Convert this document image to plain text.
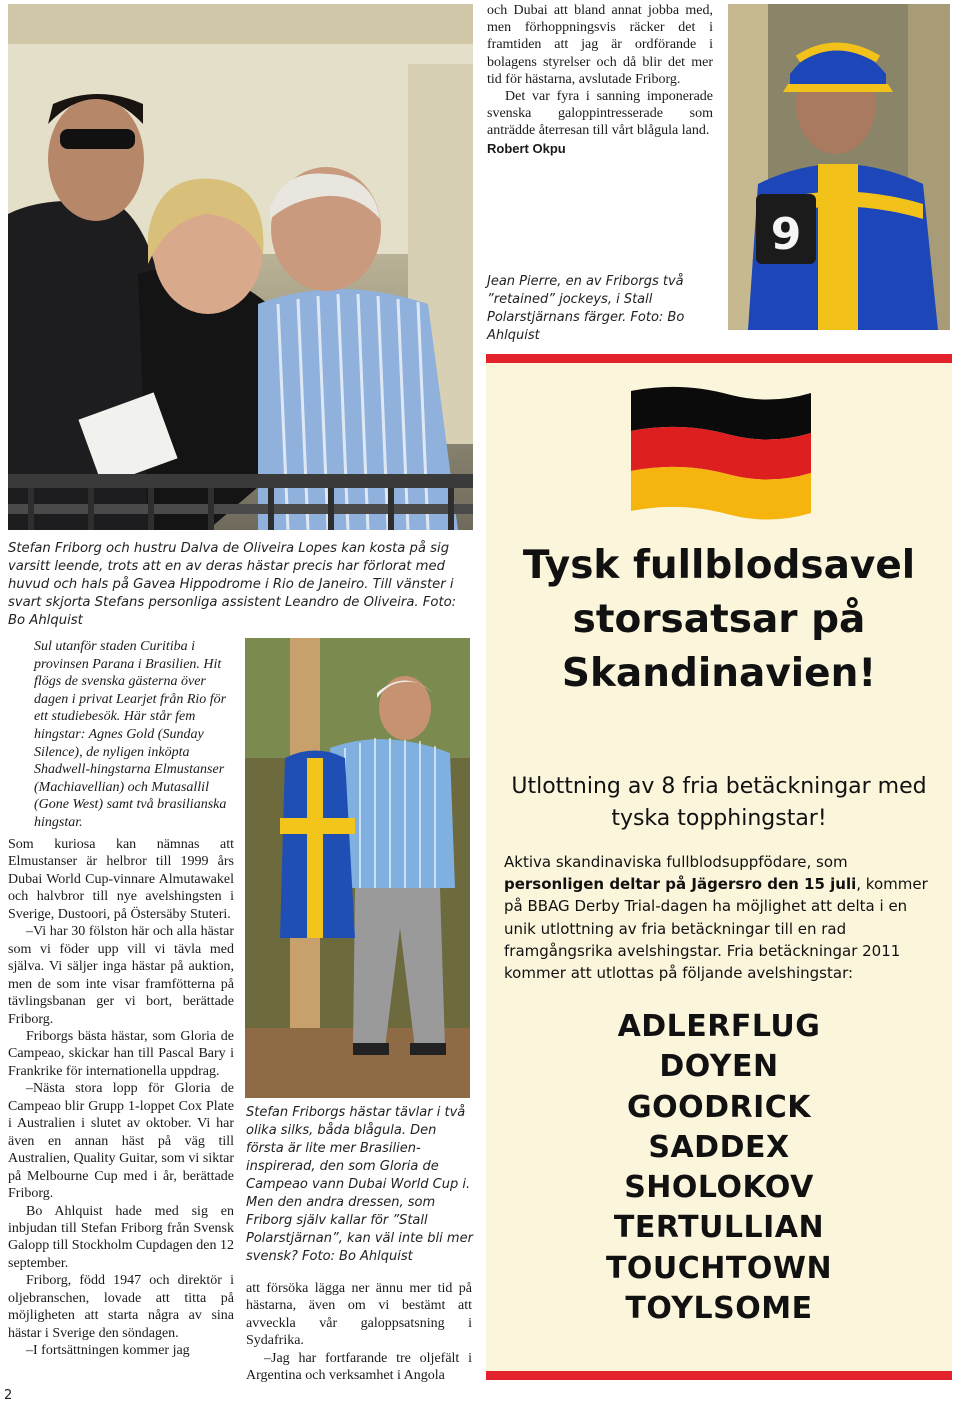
och Dubai att bland annat jobba med, men förhoppningsvis räcker det i framtiden att jag är ordförande i bolagens styrelser och då blir det mer tid för hästarna, avslutade Friborg.

Det var fyra i sanning imponerade svenska galoppintresserade som anträdde återresan till vårt blågula land.

Robert Okpu

Jean Pierre, en av Friborgs två ”retained” jockeys, i Stall Polarstjärnans färger. Foto: Bo Ahlquist
9
Stefan Friborg och hustru Dalva de Oliveira Lopes kan kosta på sig varsitt leende, trots att en av deras hästar precis har förlorat med huvud och hals på Gavea Hippodrome i Rio de Janeiro. Till vänster i svart skjorta Stefans personliga assistent Leandro de Oliveira. Foto: Bo Ahlquist

Sul utanför staden Curitiba i provinsen Parana i Brasilien. Hit flögs de svenska gästerna över dagen i privat Learjet från Rio för ett studiebesök. Här står fem hingstar: Agnes Gold (Sunday Silence), de nyligen inköpta Shadwell-hingstarna Elmustanser (Machiavellian) och Mutasallil (Gone West) samt två brasilianska hingstar.

Som kuriosa kan nämnas att Elmustanser är helbror till 1999 års Dubai World Cup-vinnare Almutawakel och halvbror till nye avelshingsten i Sverige, Dustoori, på Östersäby Stuteri.

–Vi har 30 fölston här och alla hästar som vi föder upp vill vi tävla med själva. Vi säljer inga hästar på auktion, men de som inte visar framfötterna på tävlingsbanan ger vi bort, berättade Friborg.

Friborgs bästa hästar, som Gloria de Campeao, skickar han till Pascal Bary i Frankrike för internationella uppdrag.

–Nästa stora lopp för Gloria de Campeao blir Grupp 1-loppet Cox Plate i Australien i slutet av oktober. Vi har även en annan häst på väg till Australien, Quality Guitar, som vi siktar på Melbourne Cup med i år, berättade Friborg.

Bo Ahlquist hade med sig en inbjudan till Stefan Friborg från Svensk Galopp till Stockholm Cupdagen den 12 september.

Friborg, född 1947 och direktör i oljebranschen, lovade att titta på möjligheten att starta några av sina hästar i Sverige den söndagen.

–I fortsättningen kommer jag

Stefan Friborgs hästar tävlar i två olika silks, båda blågula. Den första är lite mer Brasilien-inspirerad, den som Gloria de Campeao vann Dubai World Cup i. Men den andra dressen, som Friborg själv kallar för ”Stall Polarstjärnan”, kan väl inte bli mer svensk? Foto: Bo Ahlquist

att försöka lägga ner ännu mer tid på hästarna, även om vi bestämt att avveckla vår galoppsatsning i Sydafrika.

–Jag har fortfarande tre oljefält i Argentina och verksamhet i Angola

Tysk fullblodsavel storsatsar på Skandinavien!
Utlottning av 8 fria betäckningar med tyska topphingstar!
Aktiva skandinaviska fullblodsuppfödare, som personligen deltar på Jägersro den 15 juli, kommer på BBAG Derby Trial-dagen ha möjlighet att delta i en unik utlottning av fria betäckningar till en rad framgångsrika avelshingstar. Fria betäckningar 2011 kommer att utlottas på följande avelshingstar:
ADLERFLUG
DOYEN
GOODRICK
SADDEX
SHOLOKOV
TERTULLIAN
TOUCHTOWN
TOYLSOME
2
